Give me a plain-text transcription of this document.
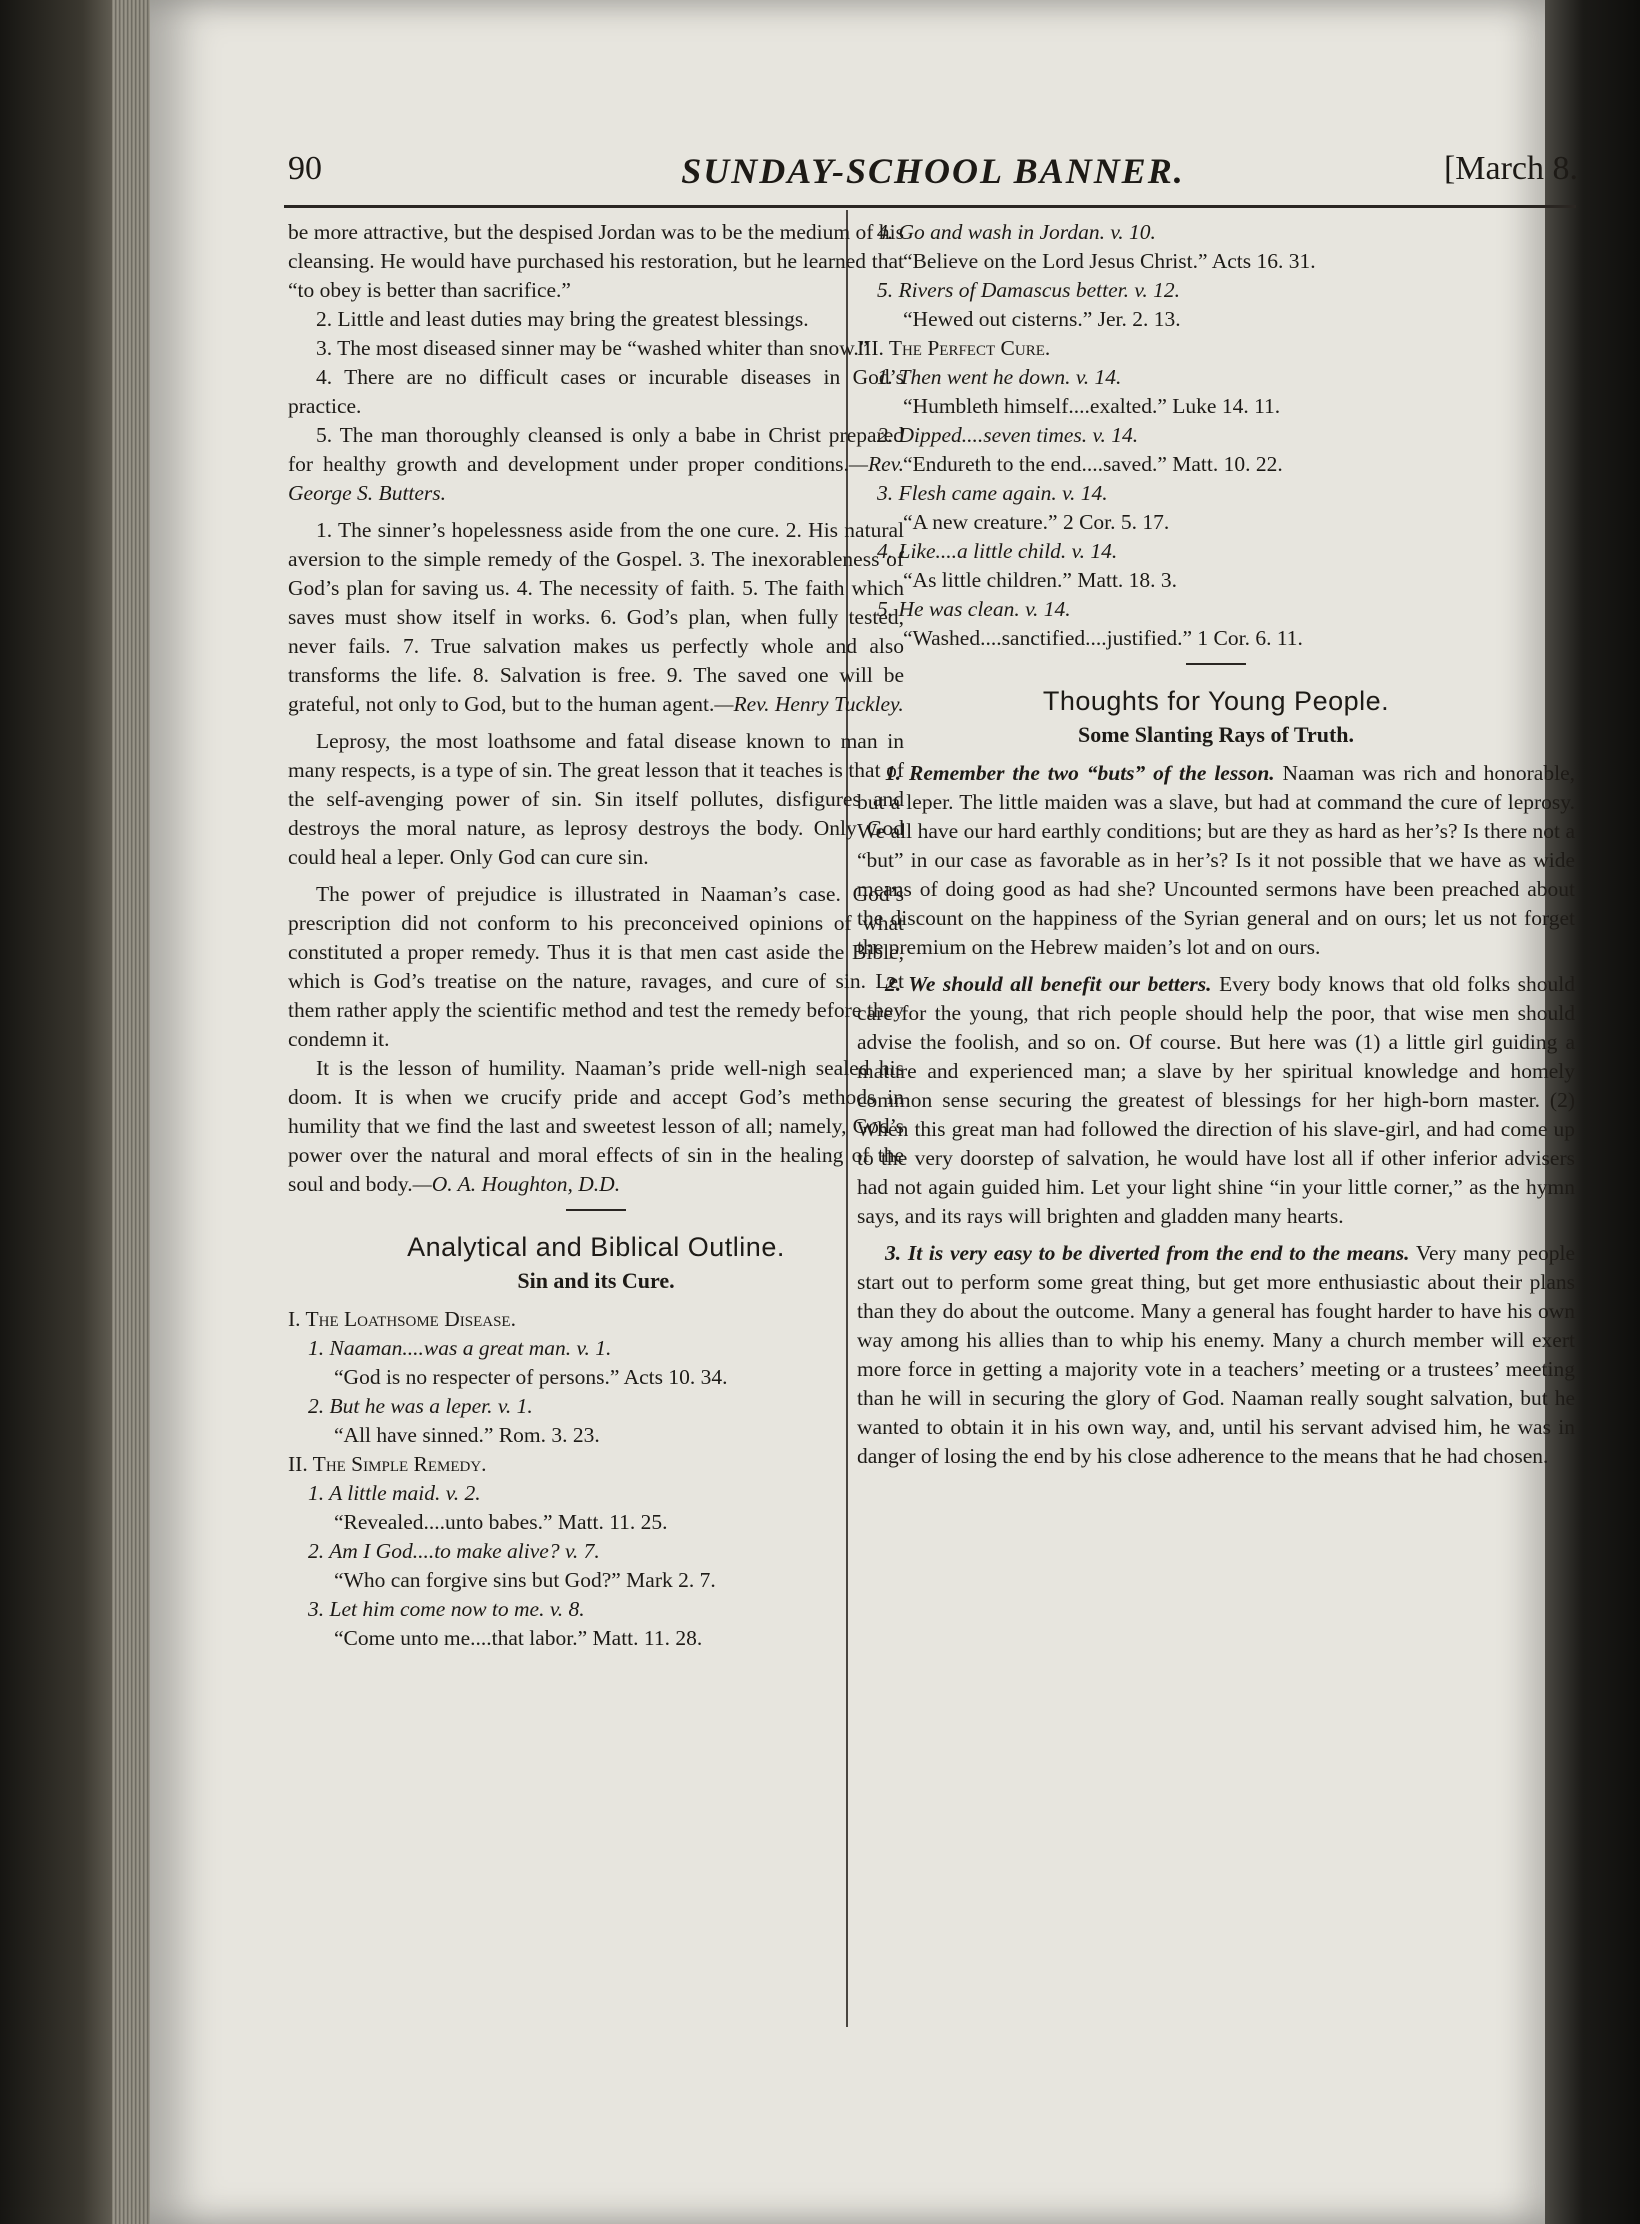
90	SUNDAY-SCHOOL BANNER.	[March 8.

be more attractive, but the despised Jordan was to be the medium of his cleansing. He would have purchased his restoration, but he learned that “to obey is better than sacrifice.”

2. Little and least duties may bring the greatest blessings.

3. The most diseased sinner may be “washed whiter than snow.”

4. There are no difficult cases or incurable diseases in God’s practice.

5. The man thoroughly cleansed is only a babe in Christ prepared for healthy growth and development under proper conditions.—Rev. George S. Butters.

1. The sinner’s hopelessness aside from the one cure. 2. His natural aversion to the simple remedy of the Gospel. 3. The inexorableness of God’s plan for saving us. 4. The necessity of faith. 5. The faith which saves must show itself in works. 6. God’s plan, when fully tested, never fails. 7. True salvation makes us perfectly whole and also transforms the life. 8. Salvation is free. 9. The saved one will be grateful, not only to God, but to the human agent.—Rev. Henry Tuckley.

Leprosy, the most loathsome and fatal disease known to man in many respects, is a type of sin. The great lesson that it teaches is that of the self-avenging power of sin. Sin itself pollutes, disfigures and destroys the moral nature, as leprosy destroys the body. Only God could heal a leper. Only God can cure sin.

The power of prejudice is illustrated in Naaman’s case. God’s prescription did not conform to his preconceived opinions of what constituted a proper remedy. Thus it is that men cast aside the Bible, which is God’s treatise on the nature, ravages, and cure of sin. Let them rather apply the scientific method and test the remedy before they condemn it.

It is the lesson of humility. Naaman’s pride well-nigh sealed his doom. It is when we crucify pride and accept God’s methods in humility that we find the last and sweetest lesson of all; namely, God’s power over the natural and moral effects of sin in the healing of the soul and body.—O. A. Houghton, D.D.

Analytical and Biblical Outline.
Sin and its Cure.

I. The Loathsome Disease.

1. Naaman....was a great man. v. 1.

“God is no respecter of persons.” Acts 10. 34.

2. But he was a leper. v. 1.

“All have sinned.” Rom. 3. 23.

II. The Simple Remedy.

1. A little maid. v. 2.

“Revealed....unto babes.” Matt. 11. 25.

2. Am I God....to make alive? v. 7.

“Who can forgive sins but God?” Mark 2. 7.

3. Let him come now to me. v. 8.

“Come unto me....that labor.” Matt. 11. 28.

4. Go and wash in Jordan. v. 10.

“Believe on the Lord Jesus Christ.” Acts 16. 31.

5. Rivers of Damascus better. v. 12.

“Hewed out cisterns.” Jer. 2. 13.

III. The Perfect Cure.

1. Then went he down. v. 14.

“Humbleth himself....exalted.” Luke 14. 11.

2. Dipped....seven times. v. 14.

“Endureth to the end....saved.” Matt. 10. 22.

3. Flesh came again. v. 14.

“A new creature.” 2 Cor. 5. 17.

4. Like....a little child. v. 14.

“As little children.” Matt. 18. 3.

5. He was clean. v. 14.

“Washed....sanctified....justified.” 1 Cor. 6. 11.

Thoughts for Young People.
Some Slanting Rays of Truth.

1. Remember the two “buts” of the lesson. Naaman was rich and honorable, but a leper. The little maiden was a slave, but had at command the cure of leprosy. We all have our hard earthly conditions; but are they as hard as her’s? Is there not a “but” in our case as favorable as in her’s? Is it not possible that we have as wide means of doing good as had she? Uncounted sermons have been preached about the discount on the happiness of the Syrian general and on ours; let us not forget the premium on the Hebrew maiden’s lot and on ours.

2. We should all benefit our betters. Every body knows that old folks should care for the young, that rich people should help the poor, that wise men should advise the foolish, and so on. Of course. But here was (1) a little girl guiding a mature and experienced man; a slave by her spiritual knowledge and homely common sense securing the greatest of blessings for her high-born master. (2) When this great man had followed the direction of his slave-girl, and had come up to the very doorstep of salvation, he would have lost all if other inferior advisers had not again guided him. Let your light shine “in your little corner,” as the hymn says, and its rays will brighten and gladden many hearts.

3. It is very easy to be diverted from the end to the means. Very many people start out to perform some great thing, but get more enthusiastic about their plans than they do about the outcome. Many a general has fought harder to have his own way among his allies than to whip his enemy. Many a church member will exert more force in getting a majority vote in a teachers’ meeting or a trustees’ meeting than he will in securing the glory of God. Naaman really sought salvation, but he wanted to obtain it in his own way, and, until his servant advised him, he was in danger of losing the end by his close adherence to the means that he had chosen.
